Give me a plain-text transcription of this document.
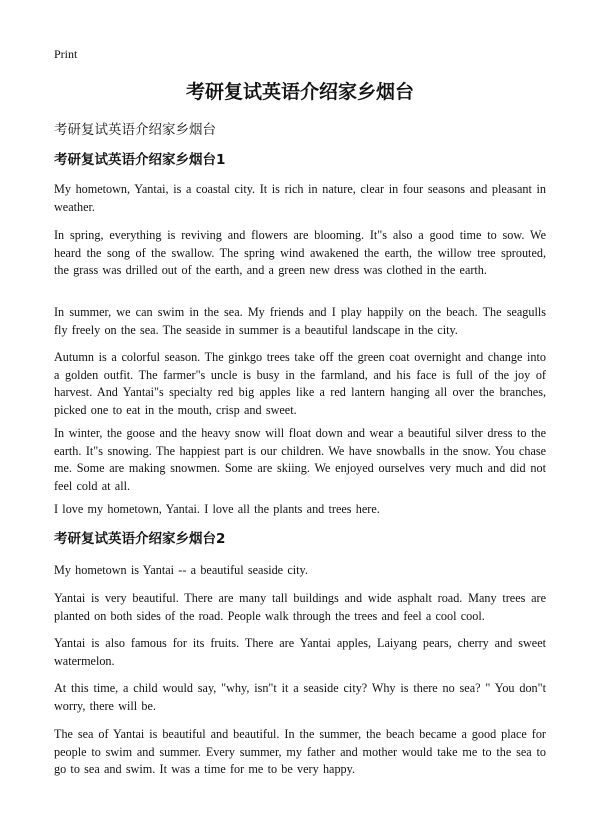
Print
考研复试英语介绍家乡烟台
考研复试英语介绍家乡烟台
考研复试英语介绍家乡烟台1

My hometown, Yantai, is a coastal city. It is rich in nature, clear in four seasons and pleasant in weather.

In spring, everything is reviving and flowers are blooming. It"s also a good time to sow. We heard the song of the swallow. The spring wind awakened the earth, the willow tree sprouted, the grass was drilled out of the earth, and a green new dress was clothed in the earth.

In summer, we can swim in the sea. My friends and I play happily on the beach. The seagulls fly freely on the sea. The seaside in summer is a beautiful landscape in the city.

Autumn is a colorful season. The ginkgo trees take off the green coat overnight and change into a golden outfit. The farmer"s uncle is busy in the farmland, and his face is full of the joy of harvest. And Yantai"s specialty red big apples like a red lantern hanging all over the branches, picked one to eat in the mouth, crisp and sweet.

In winter, the goose and the heavy snow will float down and wear a beautiful silver dress to the earth. It"s snowing. The happiest part is our children. We have snowballs in the snow. You chase me. Some are making snowmen. Some are skiing. We enjoyed ourselves very much and did not feel cold at all.

I love my hometown, Yantai. I love all the plants and trees here.

考研复试英语介绍家乡烟台2

My hometown is Yantai -- a beautiful seaside city.

Yantai is very beautiful. There are many tall buildings and wide asphalt road. Many trees are planted on both sides of the road. People walk through the trees and feel a cool cool.

Yantai is also famous for its fruits. There are Yantai apples, Laiyang pears, cherry and sweet watermelon.

At this time, a child would say, "why, isn"t it a seaside city? Why is there no sea? " You don"t worry, there will be.

The sea of Yantai is beautiful and beautiful. In the summer, the beach became a good place for people to swim and summer. Every summer, my father and mother would take me to the sea to go to sea and swim. It was a time for me to be very happy.
